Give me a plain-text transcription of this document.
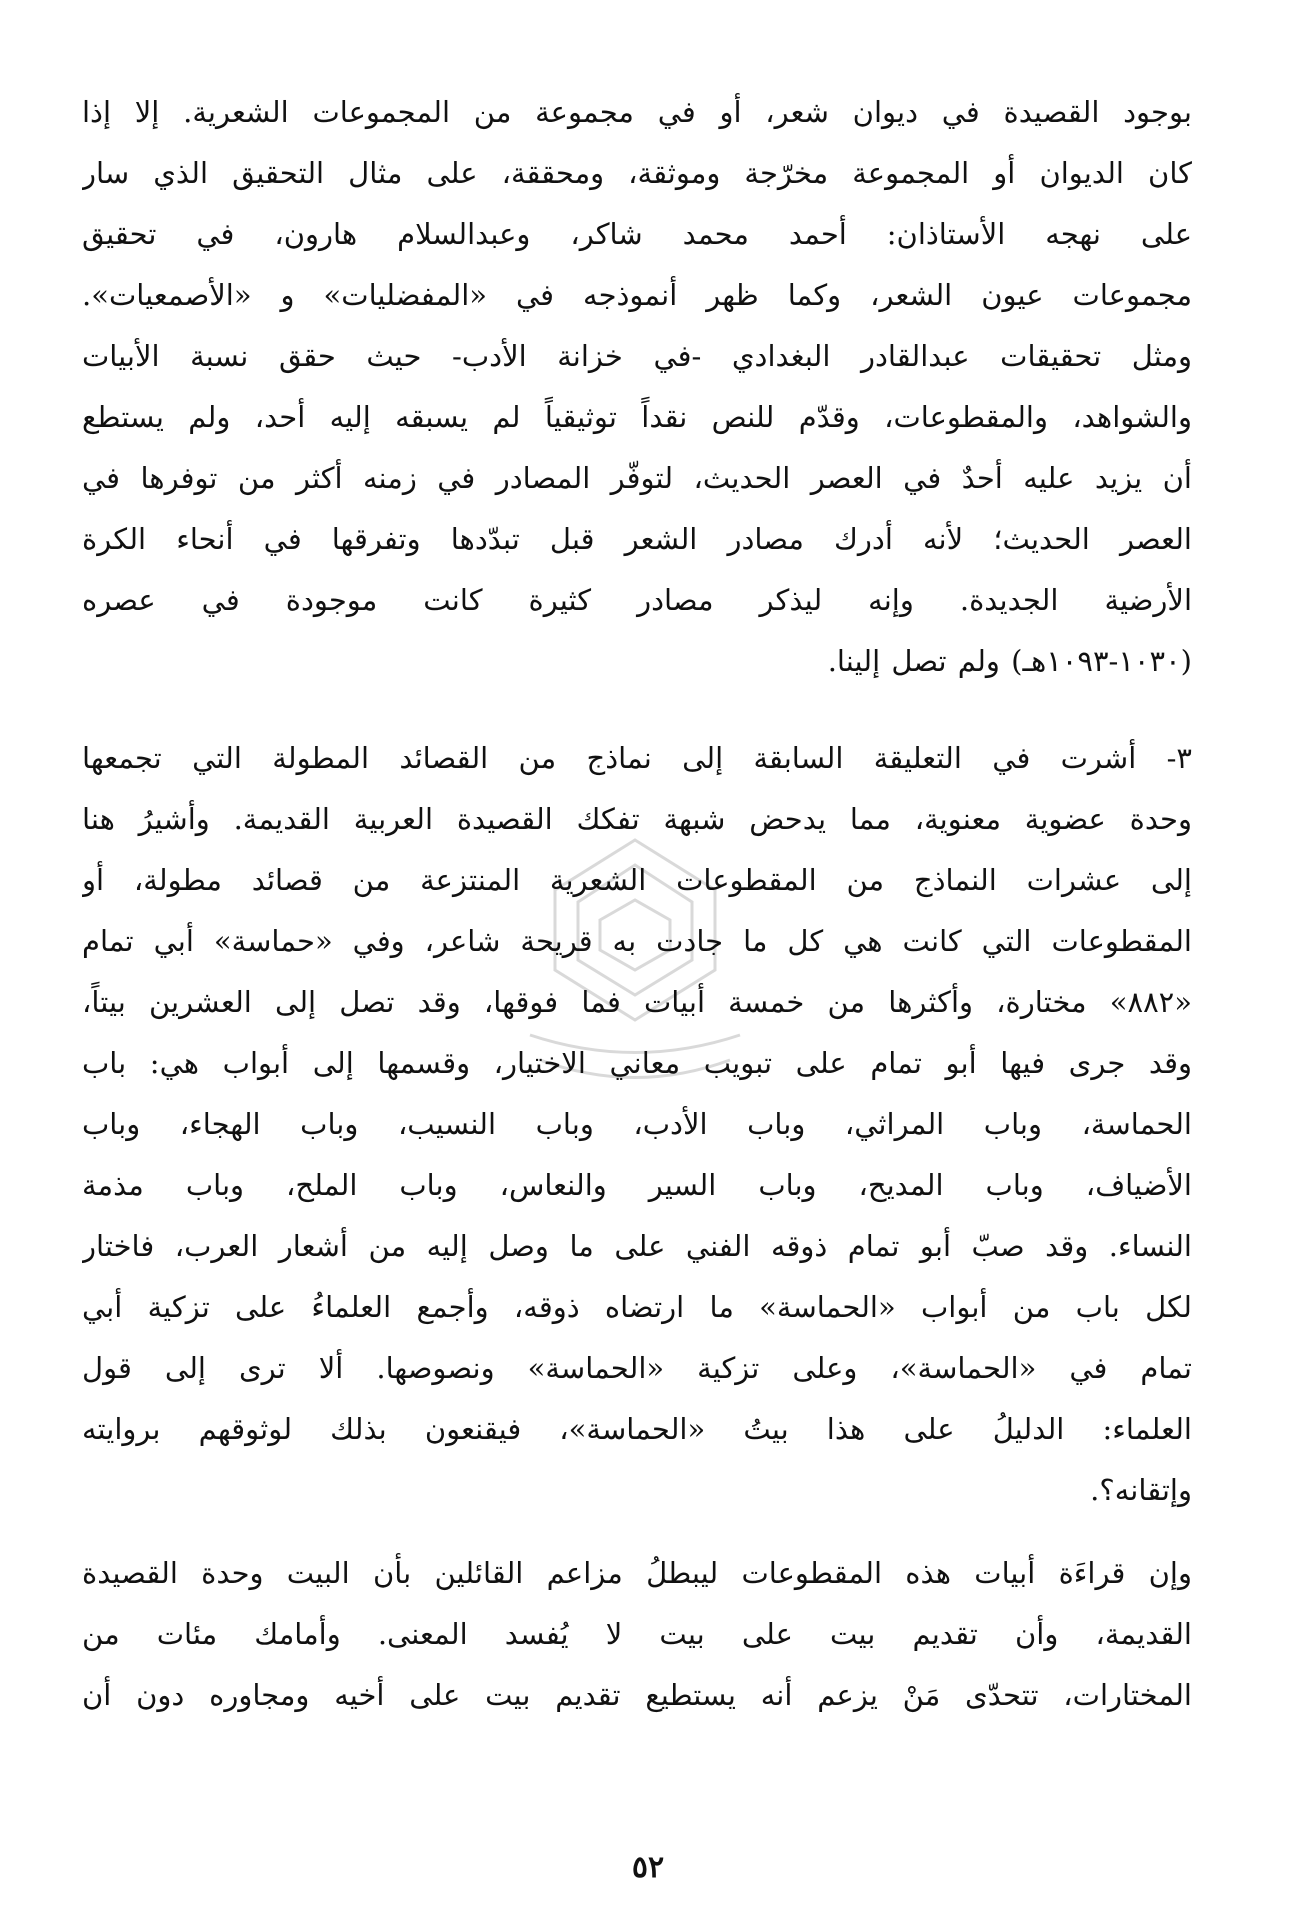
بوجود القصيدة في ديوان شعر، أو في مجموعة من المجموعات الشعرية. إلا إذا
كان الديوان أو المجموعة مخرّجة وموثقة، ومحققة، على مثال التحقيق الذي سار
على نهجه الأستاذان: أحمد محمد شاكر، وعبدالسلام هارون، في تحقيق
مجموعات عيون الشعر، وكما ظهر أنموذجه في «المفضليات» و «الأصمعيات».
ومثل تحقيقات عبدالقادر البغدادي -في خزانة الأدب- حيث حقق نسبة الأبيات
والشواهد، والمقطوعات، وقدّم للنص نقداً توثيقياً لم يسبقه إليه أحد، ولم يستطع
أن يزيد عليه أحدٌ في العصر الحديث، لتوفّر المصادر في زمنه أكثر من توفرها في
العصر الحديث؛ لأنه أدرك مصادر الشعر قبل تبدّدها وتفرقها في أنحاء الكرة
الأرضية الجديدة. وإنه ليذكر مصادر كثيرة كانت موجودة في عصره
(١٠٣٠-١٠٩٣هـ) ولم تصل إلينا.
٣- أشرت في التعليقة السابقة إلى نماذج من القصائد المطولة التي تجمعها
وحدة عضوية معنوية، مما يدحض شبهة تفكك القصيدة العربية القديمة. وأشيرُ هنا
إلى عشرات النماذج من المقطوعات الشعرية المنتزعة من قصائد مطولة، أو
المقطوعات التي كانت هي كل ما جادت به قريحة شاعر، وفي «حماسة» أبي تمام
«٨٨٢» مختارة، وأكثرها من خمسة أبيات فما فوقها، وقد تصل إلى العشرين بيتاً،
وقد جرى فيها أبو تمام على تبويب معاني الاختيار، وقسمها إلى أبواب هي: باب
الحماسة، وباب المراثي، وباب الأدب، وباب النسيب، وباب الهجاء، وباب
الأضياف، وباب المديح، وباب السير والنعاس، وباب الملح، وباب مذمة
النساء. وقد صبّ أبو تمام ذوقه الفني على ما وصل إليه من أشعار العرب، فاختار
لكل باب من أبواب «الحماسة» ما ارتضاه ذوقه، وأجمع العلماءُ على تزكية أبي
تمام في «الحماسة»، وعلى تزكية «الحماسة» ونصوصها. ألا ترى إلى قول
العلماء: الدليلُ على هذا بيتُ «الحماسة»، فيقنعون بذلك لوثوقهم بروايته
وإتقانه؟.
وإن قراءَة أبيات هذه المقطوعات ليبطلُ مزاعم القائلين بأن البيت وحدة القصيدة
القديمة، وأن تقديم بيت على بيت لا يُفسد المعنى. وأمامك مئات من
المختارات، تتحدّى مَنْ يزعم أنه يستطيع تقديم بيت على أخيه ومجاوره دون أن
٥٢
